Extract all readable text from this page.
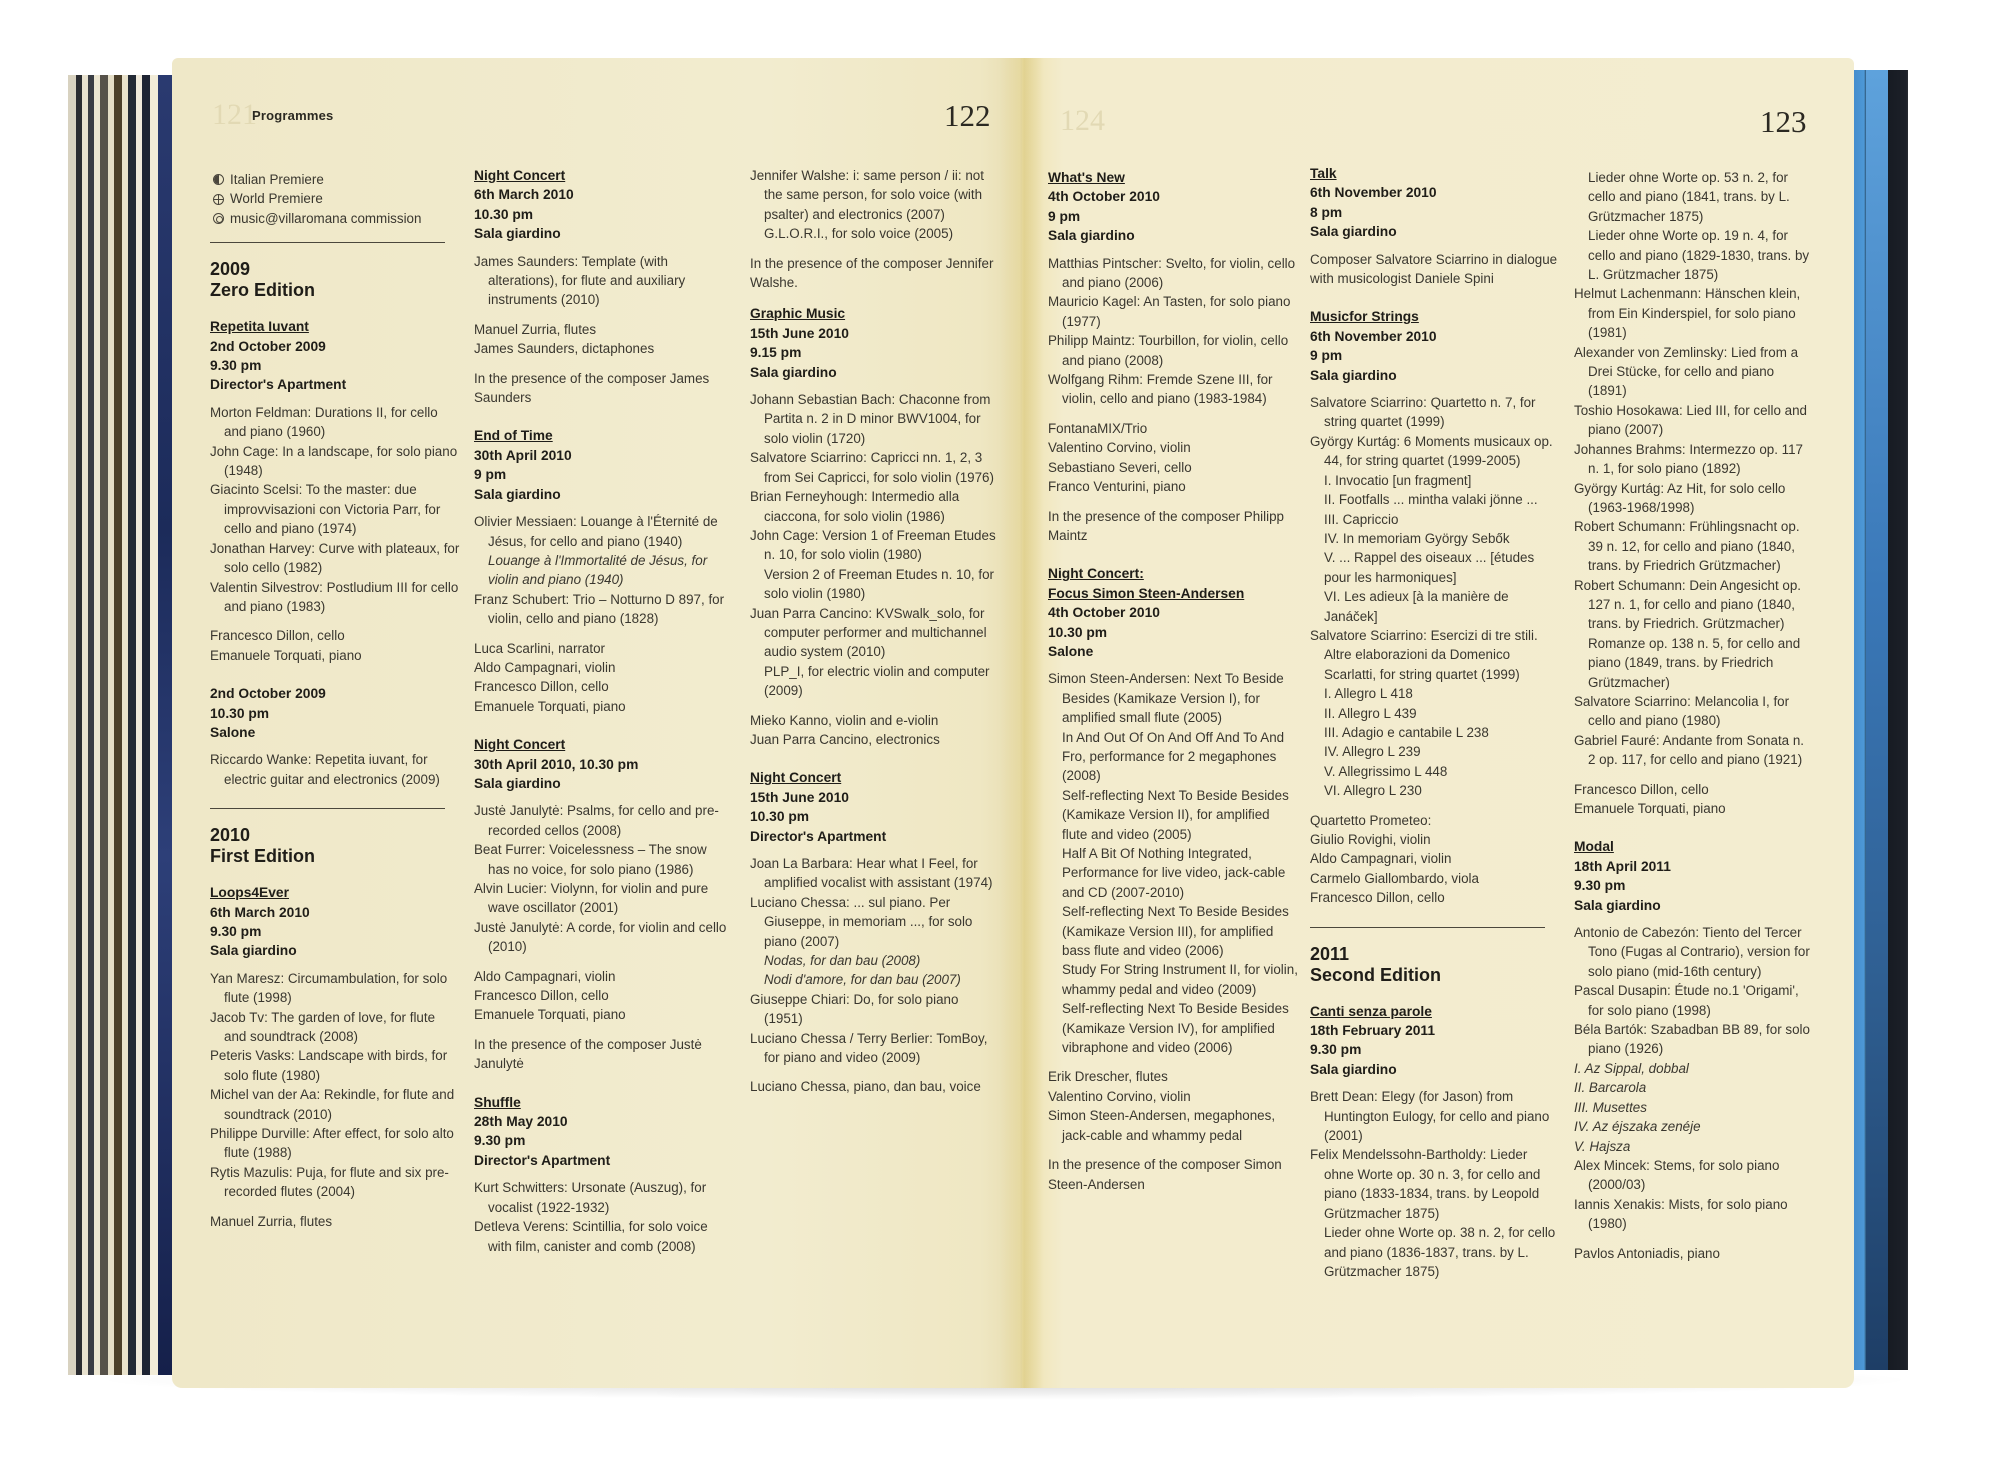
121
Programmes	122
Italian Premiere
World Premiere
music@villaromana commission
2009
Zero Edition
Repetita Iuvant
2nd October 2009
9.30 pm
Director's Apartment
Morton Feldman: Durations II, for cello and piano (1960)
John Cage: In a landscape, for solo piano (1948)
Giacinto Scelsi: To the master: due improvvisazioni con Victoria Parr, for cello and piano (1974)
Jonathan Harvey: Curve with plateaux, for solo cello (1982)
Valentin Silvestrov: Postludium III for cello and piano (1983)
Francesco Dillon, cello
Emanuele Torquati, piano
2nd October 2009
10.30 pm
Salone
Riccardo Wanke: Repetita iuvant, for electric guitar and electronics (2009)
2010
First Edition
Loops4Ever
6th March 2010
9.30 pm
Sala giardino
Yan Maresz: Circumambulation, for solo flute (1998)
Jacob Tv: The garden of love, for flute and soundtrack (2008)
Peteris Vasks: Landscape with birds, for solo flute (1980)
Michel van der Aa: Rekindle, for flute and soundtrack (2010)
Philippe Durville: After effect, for solo alto flute (1988)
Rytis Mazulis: Puja, for flute and six pre-recorded flutes (2004)
Manuel Zurria, flutes
Night Concert
6th March 2010
10.30 pm
Sala giardino
James Saunders: Template (with alterations), for flute and auxiliary instruments (2010)
Manuel Zurria, flutes
James Saunders, dictaphones
In the presence of the composer James Saunders
End of Time
30th April 2010
9 pm
Sala giardino
Olivier Messiaen: Louange à l'Éternité de Jésus, for cello and piano (1940)
Louange à l'Immortalité de Jésus, for violin and piano (1940)
Franz Schubert: Trio – Notturno D 897, for violin, cello and piano (1828)
Luca Scarlini, narrator
Aldo Campagnari, violin
Francesco Dillon, cello
Emanuele Torquati, piano
Night Concert
30th April 2010, 10.30 pm
Sala giardino
Justė Janulytė: Psalms, for cello and pre-recorded cellos (2008)
Beat Furrer: Voicelessness – The snow has no voice, for solo piano (1986)
Alvin Lucier: Violynn, for violin and pure wave oscillator (2001)
Justė Janulytė: A corde, for violin and cello (2010)
Aldo Campagnari, violin
Francesco Dillon, cello
Emanuele Torquati, piano
In the presence of the composer Justė Janulytė
Shuffle
28th May 2010
9.30 pm
Director's Apartment
Kurt Schwitters: Ursonate (Auszug), for vocalist (1922-1932)
Detleva Verens: Scintillia, for solo voice with film, canister and comb (2008)
Jennifer Walshe: i: same person / ii: not the same person, for solo voice (with psalter) and electronics (2007)
G.L.O.R.I., for solo voice (2005)
In the presence of the composer Jennifer Walshe.
Graphic Music
15th June 2010
9.15 pm
Sala giardino
Johann Sebastian Bach: Chaconne from Partita n. 2 in D minor BWV1004, for solo violin (1720)
Salvatore Sciarrino: Capricci nn. 1, 2, 3 from Sei Capricci, for solo violin (1976)
Brian Ferneyhough: Intermedio alla ciaccona, for solo violin (1986)
John Cage: Version 1 of Freeman Etudes n. 10, for solo violin (1980)
Version 2 of Freeman Etudes n. 10, for solo violin (1980)
Juan Parra Cancino: KVSwalk_solo, for computer performer and multichannel audio system (2010)
PLP_I, for electric violin and computer (2009)
Mieko Kanno, violin and e-violin
Juan Parra Cancino, electronics
Night Concert
15th June 2010
10.30 pm
Director's Apartment
Joan La Barbara: Hear what I Feel, for amplified vocalist with assistant (1974)
Luciano Chessa: ... sul piano. Per Giuseppe, in memoriam ..., for solo piano (2007)
Nodas, for dan bau (2008)
Nodi d'amore, for dan bau (2007)
Giuseppe Chiari: Do, for solo piano (1951)
Luciano Chessa / Terry Berlier: TomBoy, for piano and video (2009)
Luciano Chessa, piano, dan bau, voice
124	123
What's New
4th October 2010
9 pm
Sala giardino
Matthias Pintscher: Svelto, for violin, cello and piano (2006)
Mauricio Kagel: An Tasten, for solo piano (1977)
Philipp Maintz: Tourbillon, for violin, cello and piano (2008)
Wolfgang Rihm: Fremde Szene III, for violin, cello and piano (1983-1984)
FontanaMIX/Trio
Valentino Corvino, violin
Sebastiano Severi, cello
Franco Venturini, piano
In the presence of the composer Philipp Maintz
Night Concert:
Focus Simon Steen-Andersen
4th October 2010
10.30 pm
Salone
Simon Steen-Andersen: Next To Beside Besides (Kamikaze Version I), for amplified small flute (2005)
In And Out Of On And Off And To And Fro, performance for 2 megaphones (2008)
Self-reflecting Next To Beside Besides (Kamikaze Version II), for amplified flute and video (2005)
Half A Bit Of Nothing Integrated, Performance for live video, jack-cable and CD (2007-2010)
Self-reflecting Next To Beside Besides (Kamikaze Version III), for amplified bass flute and video (2006)
Study For String Instrument II, for violin, whammy pedal and video (2009)
Self-reflecting Next To Beside Besides (Kamikaze Version IV), for amplified vibraphone and video (2006)
Erik Drescher, flutes
Valentino Corvino, violin
Simon Steen-Andersen, megaphones, jack-cable and whammy pedal
In the presence of the composer Simon Steen-Andersen
Talk
6th November 2010
8 pm
Sala giardino
Composer Salvatore Sciarrino in dialogue with musicologist Daniele Spini
Musicfor Strings
6th November 2010
9 pm
Sala giardino
Salvatore Sciarrino: Quartetto n. 7, for string quartet (1999)
György Kurtág: 6 Moments musicaux op. 44, for string quartet (1999-2005)
I. Invocatio [un fragment]
II. Footfalls ... mintha valaki jönne ...
III. Capriccio
IV. In memoriam György Sebők
V. ... Rappel des oiseaux ... [études pour les harmoniques]
VI. Les adieux [à la manière de Janáček]
Salvatore Sciarrino: Esercizi di tre stili. Altre elaborazioni da Domenico Scarlatti, for string quartet (1999)
I. Allegro L 418
II. Allegro L 439
III. Adagio e cantabile L 238
IV. Allegro L 239
V. Allegrissimo L 448
VI. Allegro L 230
Quartetto Prometeo:
Giulio Rovighi, violin
Aldo Campagnari, violin
Carmelo Giallombardo, viola
Francesco Dillon, cello
2011
Second Edition
Canti senza parole
18th February 2011
9.30 pm
Sala giardino
Brett Dean: Elegy (for Jason) from Huntington Eulogy, for cello and piano (2001)
Felix Mendelssohn-Bartholdy: Lieder ohne Worte op. 30 n. 3, for cello and piano (1833-1834, trans. by Leopold Grützmacher 1875)
Lieder ohne Worte op. 38 n. 2, for cello and piano (1836-1837, trans. by L. Grützmacher 1875)
Lieder ohne Worte op. 53 n. 2, for cello and piano (1841, trans. by L. Grützmacher 1875)
Lieder ohne Worte op. 19 n. 4, for cello and piano (1829-1830, trans. by L. Grützmacher 1875)
Helmut Lachenmann: Hänschen klein, from Ein Kinderspiel, for solo piano (1981)
Alexander von Zemlinsky: Lied from a Drei Stücke, for cello and piano (1891)
Toshio Hosokawa: Lied III, for cello and piano (2007)
Johannes Brahms: Intermezzo op. 117 n. 1, for solo piano (1892)
György Kurtág: Az Hit, for solo cello (1963-1968/1998)
Robert Schumann: Frühlingsnacht op. 39 n. 12, for cello and piano (1840, trans. by Friedrich Grützmacher)
Robert Schumann: Dein Angesicht op. 127 n. 1, for cello and piano (1840, trans. by Friedrich. Grützmacher)
Romanze op. 138 n. 5, for cello and piano (1849, trans. by Friedrich Grützmacher)
Salvatore Sciarrino: Melancolia I, for cello and piano (1980)
Gabriel Fauré: Andante from Sonata n. 2 op. 117, for cello and piano (1921)
Francesco Dillon, cello
Emanuele Torquati, piano
Modal
18th April 2011
9.30 pm
Sala giardino
Antonio de Cabezón: Tiento del Tercer Tono (Fugas al Contrario), version for solo piano (mid-16th century)
Pascal Dusapin: Étude no.1 'Origami', for solo piano (1998)
Béla Bartók: Szabadban BB 89, for solo piano (1926)
I. Az Sippal, dobbal
II. Barcarola
III. Musettes
IV. Az éjszaka zenéje
V. Hajsza
Alex Mincek: Stems, for solo piano (2000/03)
Iannis Xenakis: Mists, for solo piano (1980)
Pavlos Antoniadis, piano
